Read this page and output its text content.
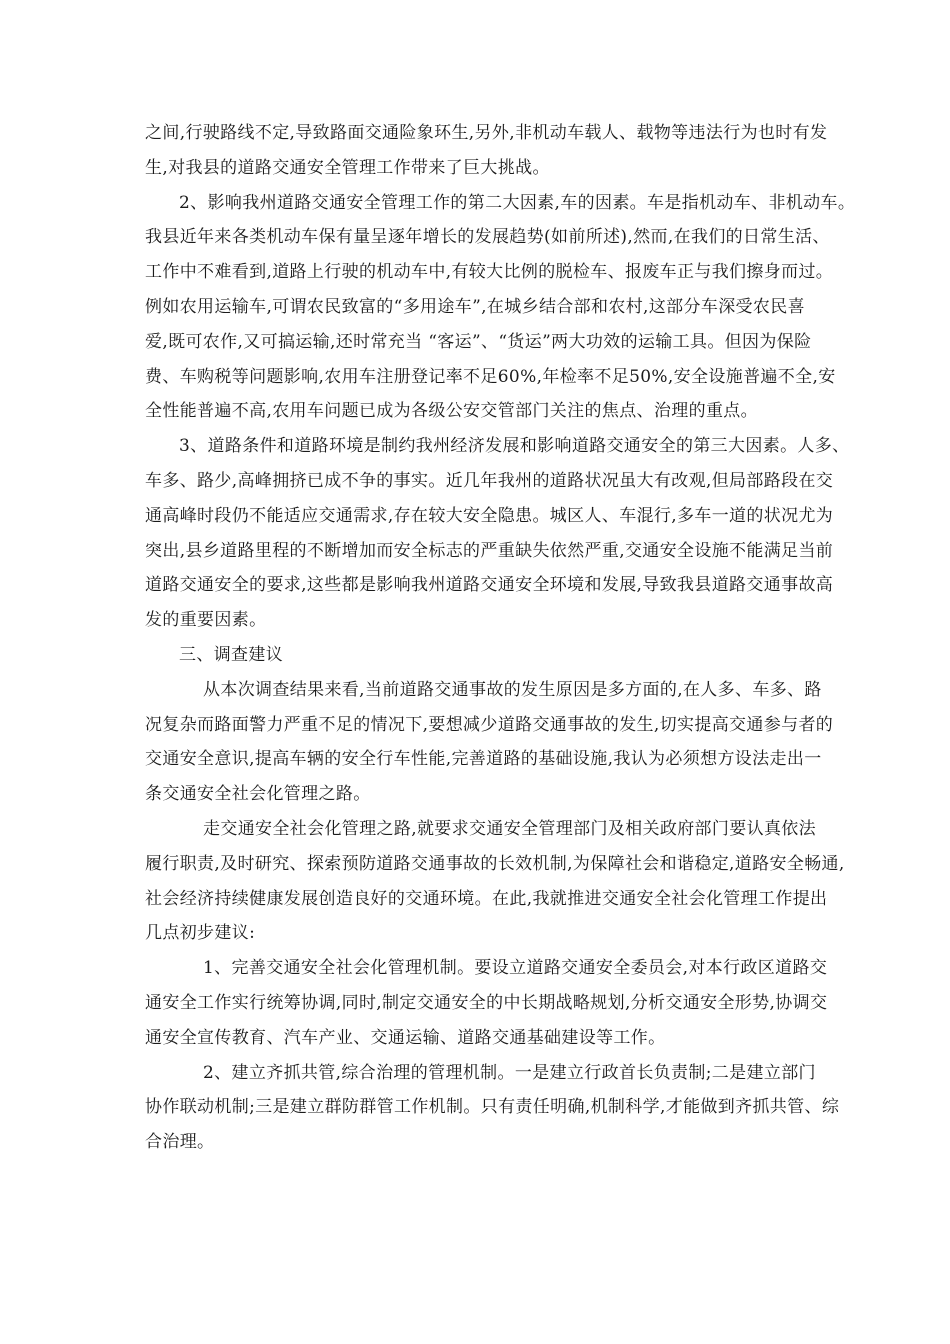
之间,行驶路线不定,导致路面交通险象环生,另外,非机动车载人、载物等违法行为也时有发
生,对我县的道路交通安全管理工作带来了巨大挑战。
2、影响我州道路交通安全管理工作的第二大因素,车的因素。车是指机动车、非机动车。
我县近年来各类机动车保有量呈逐年增长的发展趋势(如前所述),然而,在我们的日常生活、
工作中不难看到,道路上行驶的机动车中,有较大比例的脱检车、报废车正与我们擦身而过。
例如农用运输车,可谓农民致富的“多用途车”,在城乡结合部和农村,这部分车深受农民喜
爱,既可农作,又可搞运输,还时常充当 “客运”、“货运”两大功效的运输工具。但因为保险
费、车购税等问题影响,农用车注册登记率不足60%,年检率不足50%,安全设施普遍不全,安
全性能普遍不高,农用车问题已成为各级公安交管部门关注的焦点、治理的重点。
3、道路条件和道路环境是制约我州经济发展和影响道路交通安全的第三大因素。人多、
车多、路少,高峰拥挤已成不争的事实。近几年我州的道路状况虽大有改观,但局部路段在交
通高峰时段仍不能适应交通需求,存在较大安全隐患。城区人、车混行,多车一道的状况尤为
突出,县乡道路里程的不断增加而安全标志的严重缺失依然严重,交通安全设施不能满足当前
道路交通安全的要求,这些都是影响我州道路交通安全环境和发展,导致我县道路交通事故高
发的重要因素。
三、调查建议
从本次调查结果来看,当前道路交通事故的发生原因是多方面的,在人多、车多、路
况复杂而路面警力严重不足的情况下,要想减少道路交通事故的发生,切实提高交通参与者的
交通安全意识,提高车辆的安全行车性能,完善道路的基础设施,我认为必须想方设法走出一
条交通安全社会化管理之路。
走交通安全社会化管理之路,就要求交通安全管理部门及相关政府部门要认真依法
履行职责,及时研究、探索预防道路交通事故的长效机制,为保障社会和谐稳定,道路安全畅通,
社会经济持续健康发展创造良好的交通环境。在此,我就推进交通安全社会化管理工作提出
几点初步建议:
1、完善交通安全社会化管理机制。要设立道路交通安全委员会,对本行政区道路交
通安全工作实行统筹协调,同时,制定交通安全的中长期战略规划,分析交通安全形势,协调交
通安全宣传教育、汽车产业、交通运输、道路交通基础建设等工作。
2、建立齐抓共管,综合治理的管理机制。一是建立行政首长负责制;二是建立部门
协作联动机制;三是建立群防群管工作机制。只有责任明确,机制科学,才能做到齐抓共管、综
合治理。
